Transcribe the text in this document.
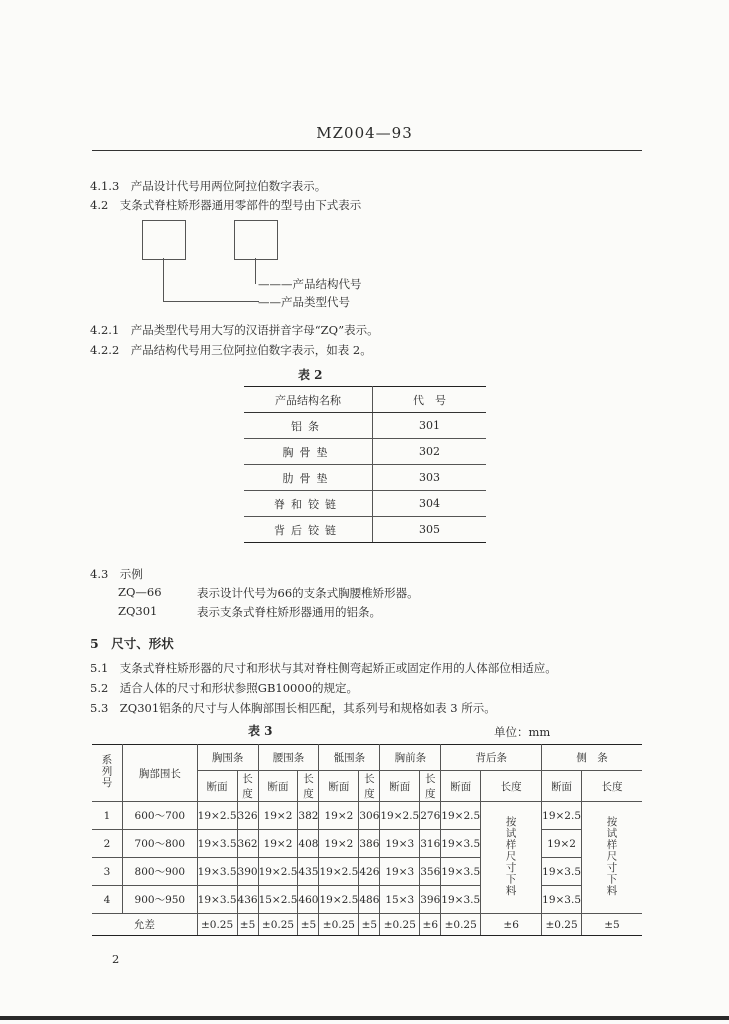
MZ004—93
4.1.3　产品设计代号用两位阿拉伯数字表示。
4.2　支条式脊柱矫形器通用零部件的型号由下式表示
———产品结构代号
——产品类型代号
4.2.1　产品类型代号用大写的汉语拼音字母“ZQ”表示。
4.2.2　产品结构代号用三位阿拉伯数字表示，如表 2。
表 2
产品结构名称	代　号
铝条	301
胸骨垫	302
肋骨垫	303
脊和铰链	304
背后铰链	305
4.3　示例
ZQ—66	表示设计代号为66的支条式胸腰椎矫形器。
ZQ301	表示支条式脊柱矫形器通用的铝条。
5　尺寸、形状
5.1　支条式脊柱矫形器的尺寸和形状与其对脊柱侧弯起矫正或固定作用的人体部位相适应。
5.2　适合人体的尺寸和形状参照GB10000的规定。
5.3　ZQ301铝条的尺寸与人体胸部围长相匹配，其系列号和规格如表 3 所示。
表 3	单位：mm
系列号	胸部围长	胸围条		腰围条		骶围条		胸前条		背后条		侧　条	
		断面	长度	断面	长度	断面	长度	断面	长度	断面	长度	断面	长度
1	600～700	19×2.5	326	19×2	382	19×2	306	19×2.5	276	19×2.5	按试样尺寸下料	19×2.5	按试样尺寸下料
2	700～800	19×3.5	362	19×2	408	19×2	386	19×3	316	19×3.5		19×2	
3	800～900	19×3.5	390	19×2.5	435	19×2.5	426	19×3	356	19×3.5		19×3.5	
4	900～950	19×3.5	436	15×2.5	460	19×2.5	486	15×3	396	19×3.5		19×3.5	
允差		±0.25	±5	±0.25	±5	±0.25	±5	±0.25	±6	±0.25	±6	±0.25	±5
2
